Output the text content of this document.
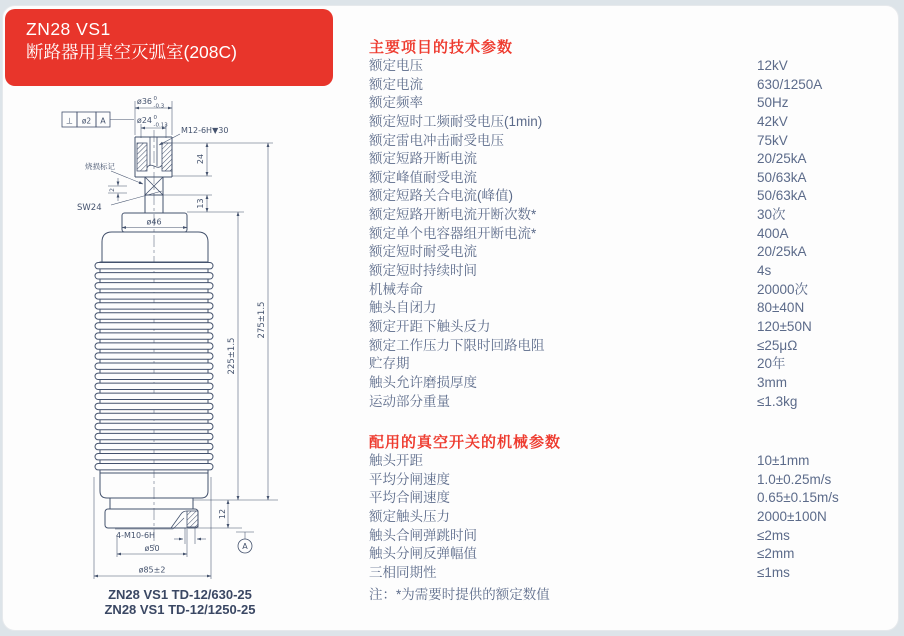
ZN28 VS1
断路器用真空灭弧室(208C)
ø36 0
-0.3
ø24 0
-0.13
M12-6H▼30
⊥ ø2 A
烧损标记
2
SW24
24
13
ø46
225±1.5
275±1.5
12
A
4-M10-6H
ø50
ø85±2
ZN28 VS1 TD-12/630-25
ZN28 VS1 TD-12/1250-25
主要项目的技术参数
额定电压	12kV
额定电流	630/1250A
额定频率	50Hz
额定短时工频耐受电压(1min)	42kV
额定雷电冲击耐受电压	75kV
额定短路开断电流	20/25kA
额定峰值耐受电流	50/63kA
额定短路关合电流(峰值)	50/63kA
额定短路开断电流开断次数*	30次
额定单个电容器组开断电流*	400A
额定短时耐受电流	20/25kA
额定短时持续时间	4s
机械寿命	20000次
触头自闭力	80±40N
额定开距下触头反力	120±50N
额定工作压力下限时回路电阻	≤25μΩ
贮存期	20年
触头允许磨损厚度	3mm
运动部分重量	≤1.3kg
配用的真空开关的机械参数
触头开距	10±1mm
平均分闸速度	1.0±0.25m/s
平均合闸速度	0.65±0.15m/s
额定触头压力	2000±100N
触头合闸弹跳时间	≤2ms
触头分闸反弹幅值	≤2mm
三相同期性	≤1ms
注：*为需要时提供的额定数值
